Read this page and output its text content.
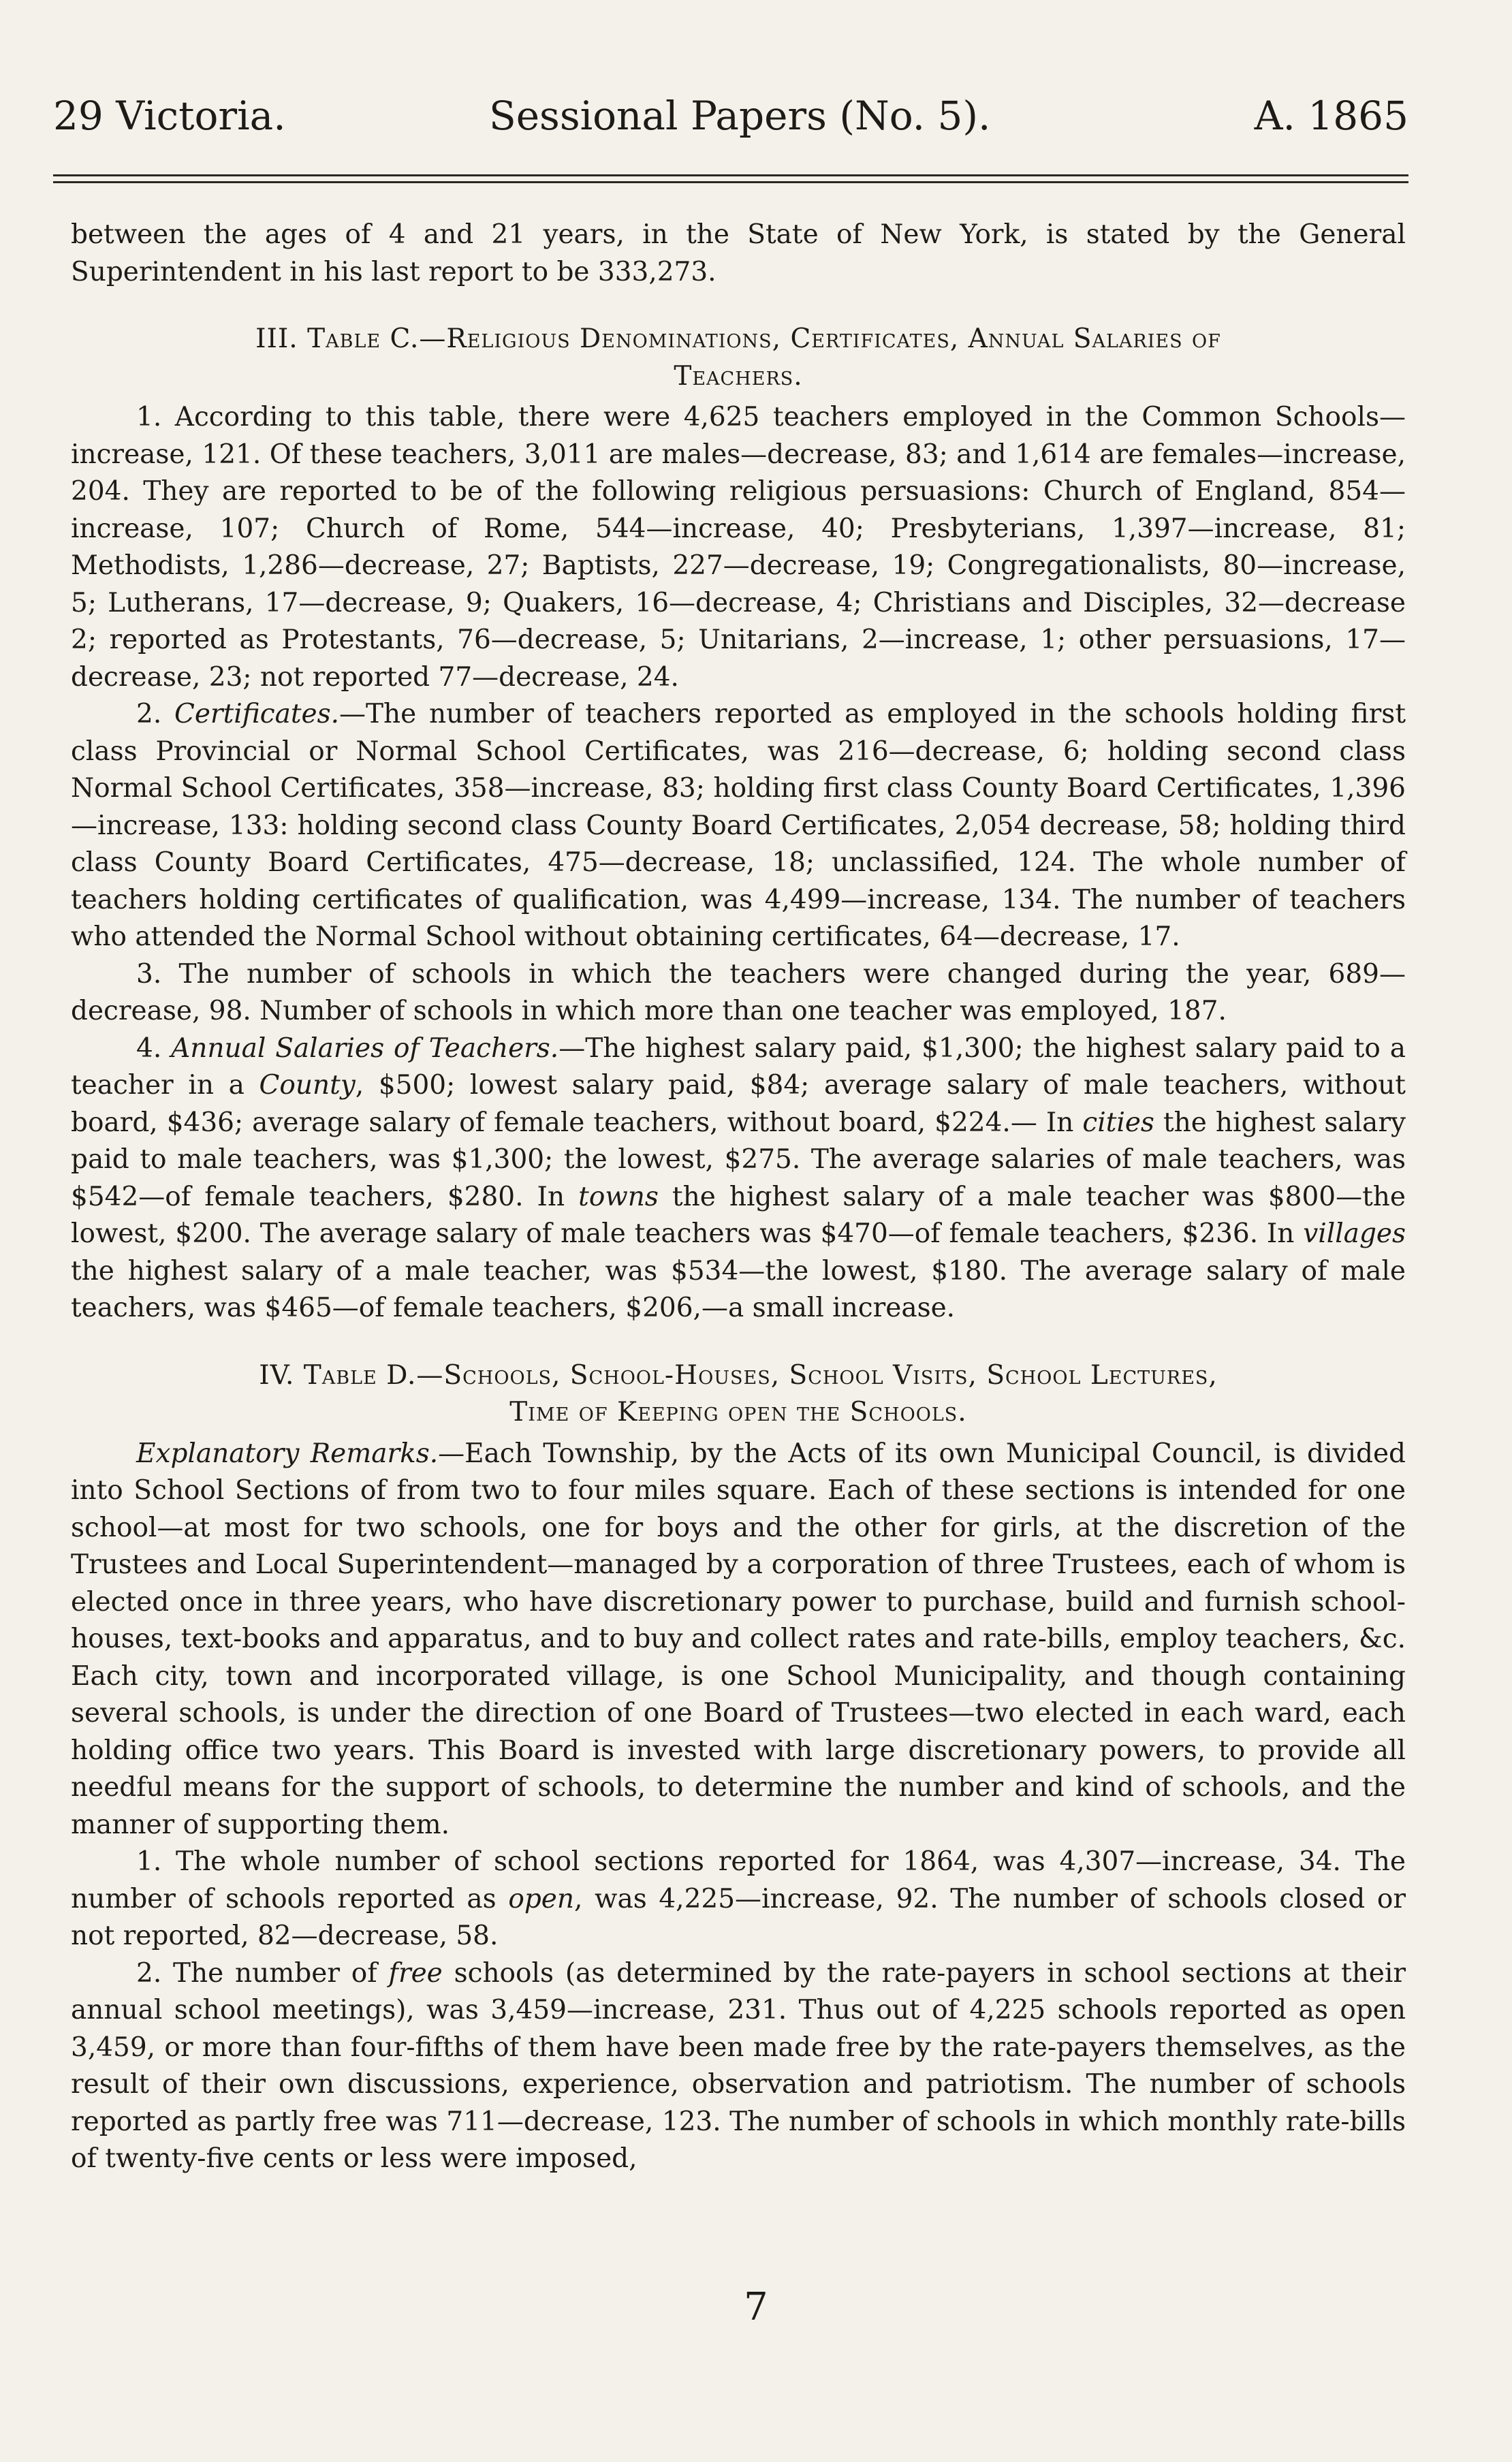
29 Victoria.	Sessional Papers (No. 5).	A. 1865

between the ages of 4 and 21 years, in the State of New York, is stated by the General Superintendent in his last report to be 333,273.

III. Table C.—Religious Denominations, Certificates, Annual Salaries of
Teachers.

1. According to this table, there were 4,625 teachers employed in the Common Schools—increase, 121. Of these teachers, 3,011 are males—decrease, 83; and 1,614 are females—increase, 204. They are reported to be of the following religious persuasions: Church of England, 854—increase, 107; Church of Rome, 544—increase, 40; Presbyterians, 1,397—increase, 81; Methodists, 1,286—decrease, 27; Baptists, 227—decrease, 19; Congregationalists, 80—increase, 5; Lutherans, 17—decrease, 9; Quakers, 16—decrease, 4; Christians and Disciples, 32—decrease 2; reported as Protestants, 76—decrease, 5; Unitarians, 2—increase, 1; other persuasions, 17—decrease, 23; not reported 77—decrease, 24.

2. Certificates.—The number of teachers reported as employed in the schools holding first class Provincial or Normal School Certificates, was 216—decrease, 6; holding second class Normal School Certificates, 358—increase, 83; holding first class County Board Certificates, 1,396—increase, 133: holding second class County Board Certificates, 2,054 decrease, 58; holding third class County Board Certificates, 475—decrease, 18; unclassified, 124. The whole number of teachers holding certificates of qualification, was 4,499—increase, 134. The number of teachers who attended the Normal School without obtaining certificates, 64—decrease, 17.

3. The number of schools in which the teachers were changed during the year, 689—decrease, 98. Number of schools in which more than one teacher was employed, 187.

4. Annual Salaries of Teachers.—The highest salary paid, $1,300; the highest salary paid to a teacher in a County, $500; lowest salary paid, $84; average salary of male teachers, without board, $436; average salary of female teachers, without board, $224.— In cities the highest salary paid to male teachers, was $1,300; the lowest, $275. The average salaries of male teachers, was $542—of female teachers, $280. In towns the highest salary of a male teacher was $800—the lowest, $200. The average salary of male teachers was $470—of female teachers, $236. In villages the highest salary of a male teacher, was $534—the lowest, $180. The average salary of male teachers, was $465—of female teachers, $206,—a small increase.

IV. Table D.—Schools, School-Houses, School Visits, School Lectures,
Time of Keeping open the Schools.

Explanatory Remarks.—Each Township, by the Acts of its own Municipal Council, is divided into School Sections of from two to four miles square. Each of these sections is intended for one school—at most for two schools, one for boys and the other for girls, at the discretion of the Trustees and Local Superintendent—managed by a corporation of three Trustees, each of whom is elected once in three years, who have discretionary power to purchase, build and furnish school-houses, text-books and apparatus, and to buy and collect rates and rate-bills, employ teachers, &c. Each city, town and incorporated village, is one School Municipality, and though containing several schools, is under the direction of one Board of Trustees—two elected in each ward, each holding office two years. This Board is invested with large discretionary powers, to provide all needful means for the support of schools, to determine the number and kind of schools, and the manner of supporting them.

1. The whole number of school sections reported for 1864, was 4,307—increase, 34. The number of schools reported as open, was 4,225—increase, 92. The number of schools closed or not reported, 82—decrease, 58.

2. The number of free schools (as determined by the rate-payers in school sections at their annual school meetings), was 3,459—increase, 231. Thus out of 4,225 schools reported as open 3,459, or more than four-fifths of them have been made free by the rate-payers themselves, as the result of their own discussions, experience, observation and patriotism. The number of schools reported as partly free was 711—decrease, 123. The number of schools in which monthly rate-bills of twenty-five cents or less were imposed,

7
